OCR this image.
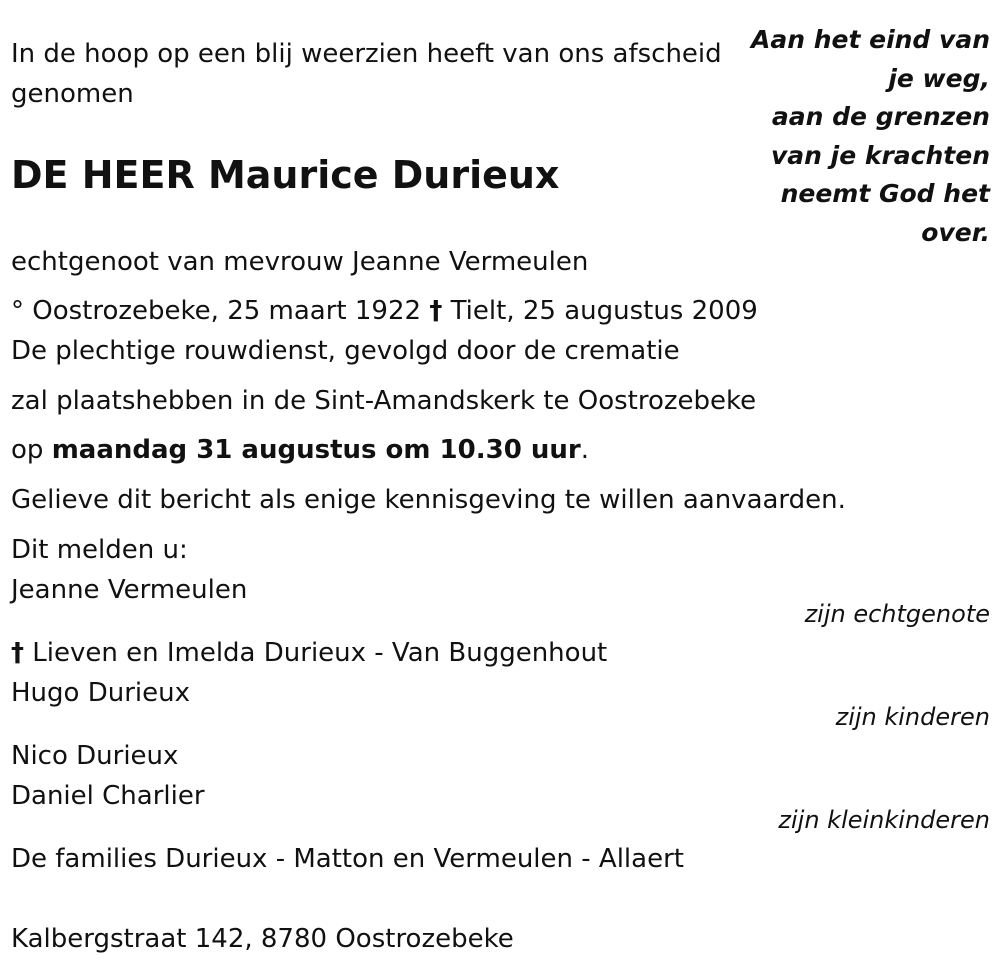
In de hoop op een blij weerzien heeft van ons afscheid
genomen
Aan het eind van
je weg,
aan de grenzen
van je krachten
neemt God het
over.
DE HEER Maurice Durieux
echtgenoot van mevrouw Jeanne Vermeulen
° Oostrozebeke, 25 maart 1922 † Tielt, 25 augustus 2009
De plechtige rouwdienst, gevolgd door de crematie
zal plaatshebben in de Sint-Amandskerk te Oostrozebeke
op maandag 31 augustus om 10.30 uur.
Gelieve dit bericht als enige kennisgeving te willen aanvaarden.
Dit melden u:
Jeanne Vermeulen
zijn echtgenote
† Lieven en Imelda Durieux - Van Buggenhout
Hugo Durieux
zijn kinderen
Nico Durieux
Daniel Charlier
zijn kleinkinderen
De families Durieux - Matton en Vermeulen - Allaert
Kalbergstraat 142, 8780 Oostrozebeke
